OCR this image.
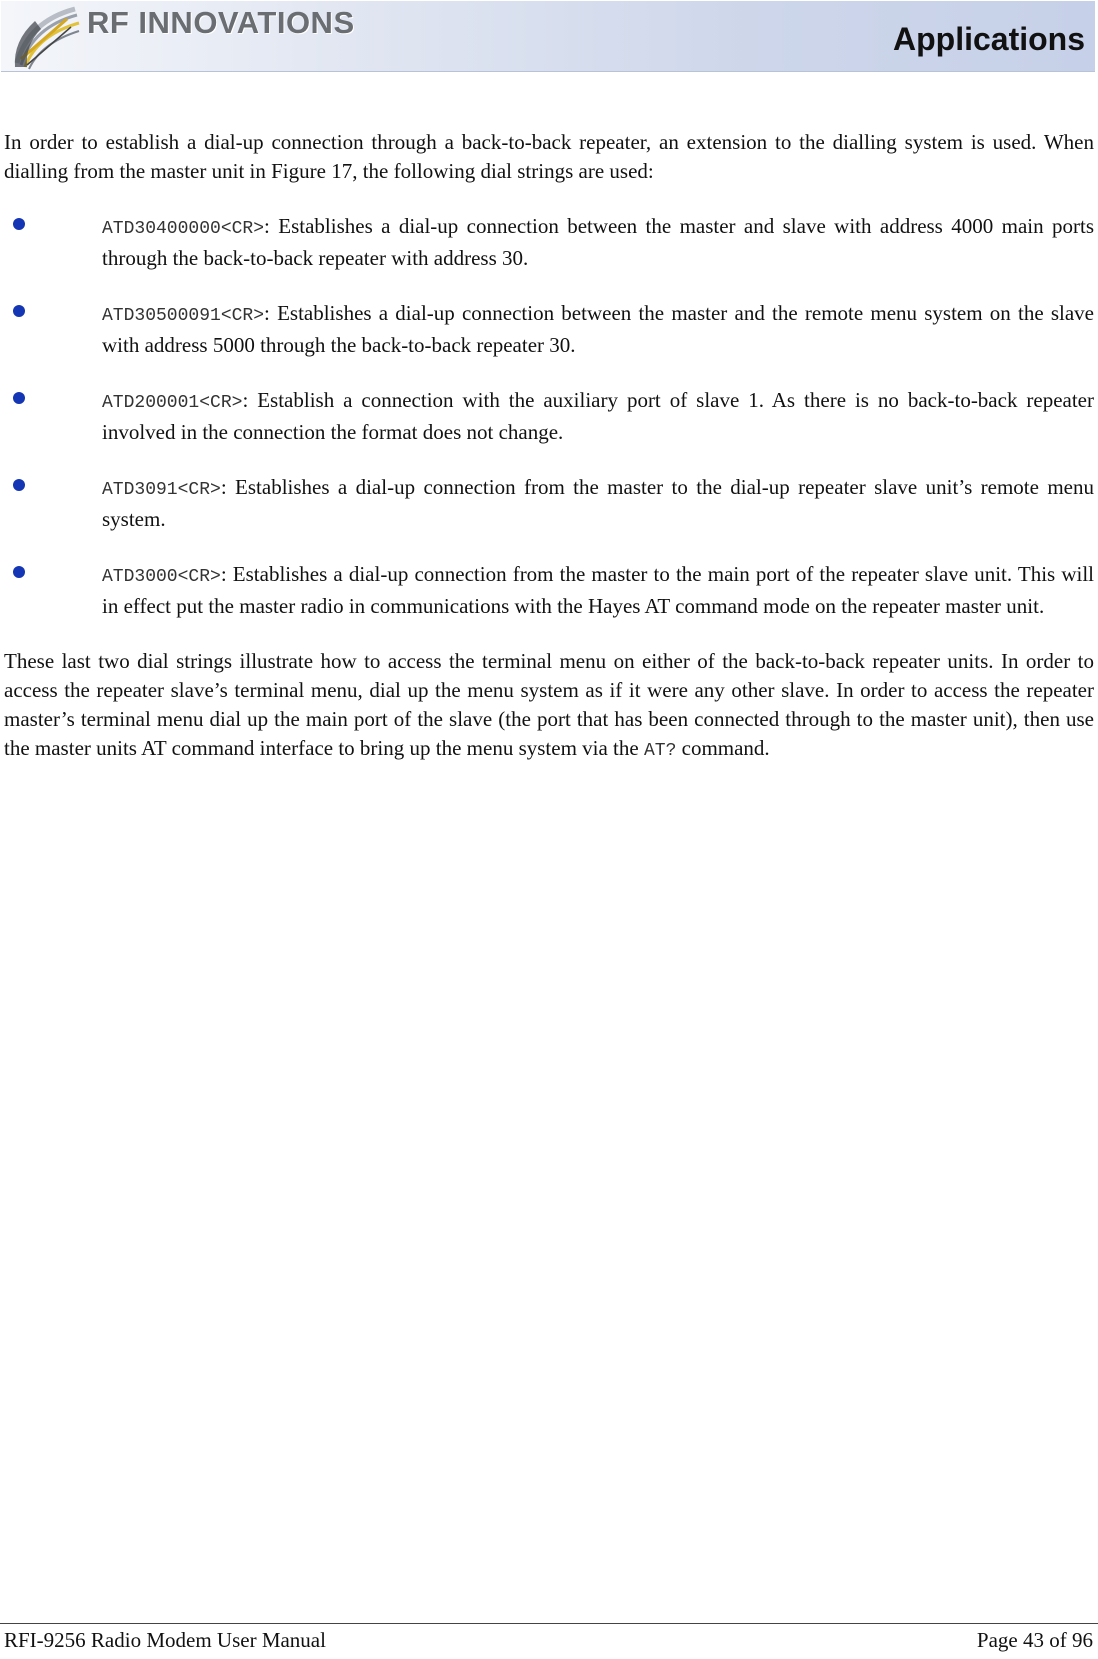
RF INNOVATIONS	Applications

In order to establish a dial-up connection through a back-to-back repeater, an extension to the dialling system is used. When dialling from the master unit in Figure 17, the following dial strings are used:

ATD30400000<CR>: Establishes a dial-up connection between the master and slave with address 4000 main ports through the back-to-back repeater with address 30.
ATD30500091<CR>: Establishes a dial-up connection between the master and the remote menu system on the slave with address 5000 through the back-to-back repeater 30.
ATD200001<CR>: Establish a connection with the auxiliary port of slave 1. As there is no back-to-back repeater involved in the connection the format does not change.
ATD3091<CR>: Establishes a dial-up connection from the master to the dial-up repeater slave unit’s remote menu system.
ATD3000<CR>: Establishes a dial-up connection from the master to the main port of the repeater slave unit. This will in effect put the master radio in communications with the Hayes AT command mode on the repeater master unit.

These last two dial strings illustrate how to access the terminal menu on either of the back-to-back repeater units. In order to access the repeater slave’s terminal menu, dial up the menu system as if it were any other slave. In order to access the repeater master’s terminal menu dial up the main port of the slave (the port that has been connected through to the master unit), then use the master units AT command interface to bring up the menu system via the AT? command.

RFI-9256 Radio Modem User Manual	Page 43 of 96
